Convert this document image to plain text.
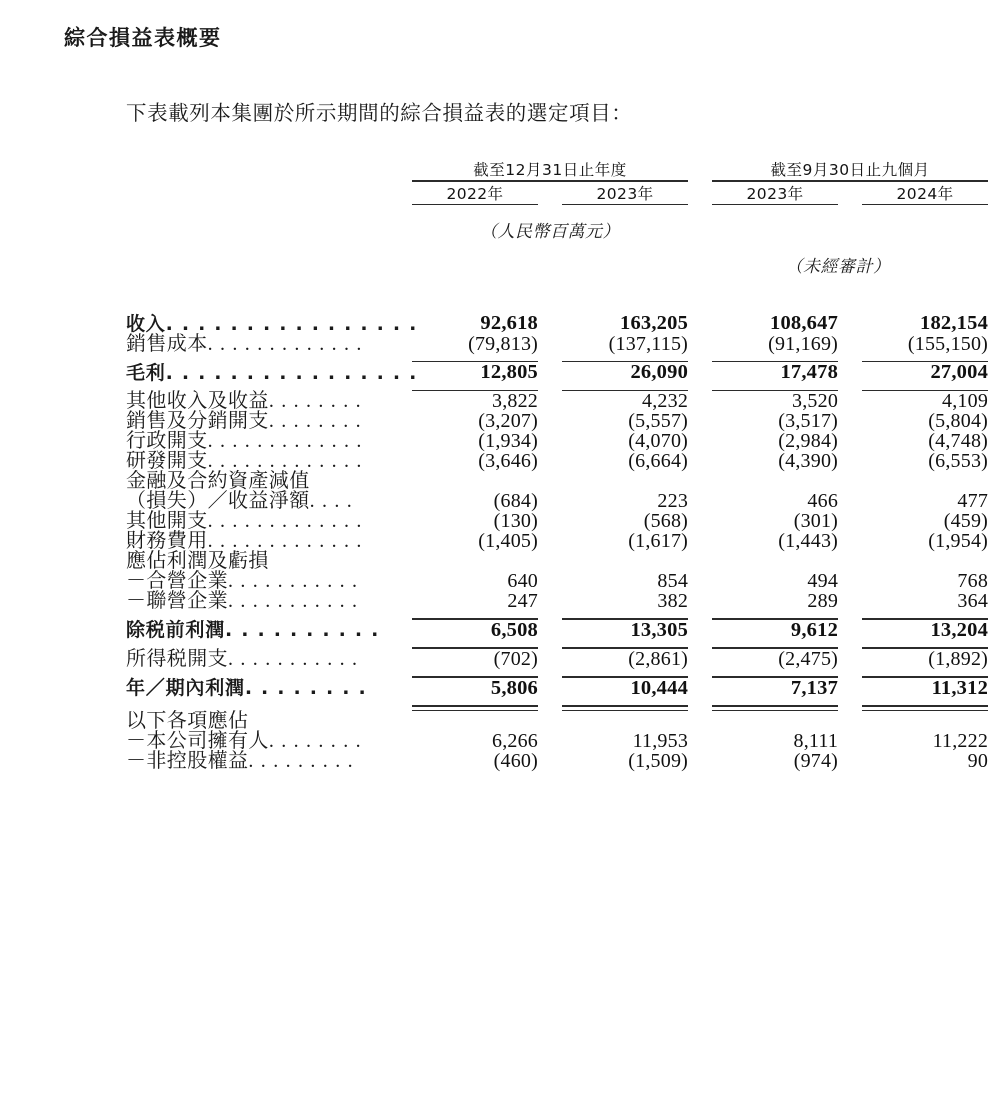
綜合損益表概要
下表載列本集團於所示期間的綜合損益表的選定項目：
	截至12月31日止年度				截至9月30日止九個月		

	2022年		2023年		2023年		2024年

	（人民幣百萬元）						
				（未經審計）			

收入. . . . . . . . . . . . . . . .	92,618		163,205		108,647		182,154
銷售成本. . . . . . . . . . . . .	(79,813)		(137,115)		(91,169)		(155,150)

毛利. . . . . . . . . . . . . . . .	12,805		26,090		17,478		27,004

其他收入及收益. . . . . . . .	3,822		4,232		3,520		4,109
銷售及分銷開支. . . . . . . .	(3,207)		(5,557)		(3,517)		(5,804)
行政開支. . . . . . . . . . . . .	(1,934)		(4,070)		(2,984)		(4,748)
研發開支. . . . . . . . . . . . .	(3,646)		(6,664)		(4,390)		(6,553)
金融及合約資產減值							
（損失）／收益淨額. . . .	(684)		223		466		477
其他開支. . . . . . . . . . . . .	(130)		(568)		(301)		(459)
財務費用. . . . . . . . . . . . .	(1,405)		(1,617)		(1,443)		(1,954)
應佔利潤及虧損							
－合營企業. . . . . . . . . . .	640		854		494		768
－聯營企業. . . . . . . . . . .	247		382		289		364

除税前利潤. . . . . . . . . .	6,508		13,305		9,612		13,204

所得税開支. . . . . . . . . . .	(702)		(2,861)		(2,475)		(1,892)

年／期內利潤. . . . . . . .	5,806		10,444		7,137		11,312

以下各項應佔							
－本公司擁有人. . . . . . . .	6,266		11,953		8,111		11,222
－非控股權益. . . . . . . . .	(460)		(1,509)		(974)		90
